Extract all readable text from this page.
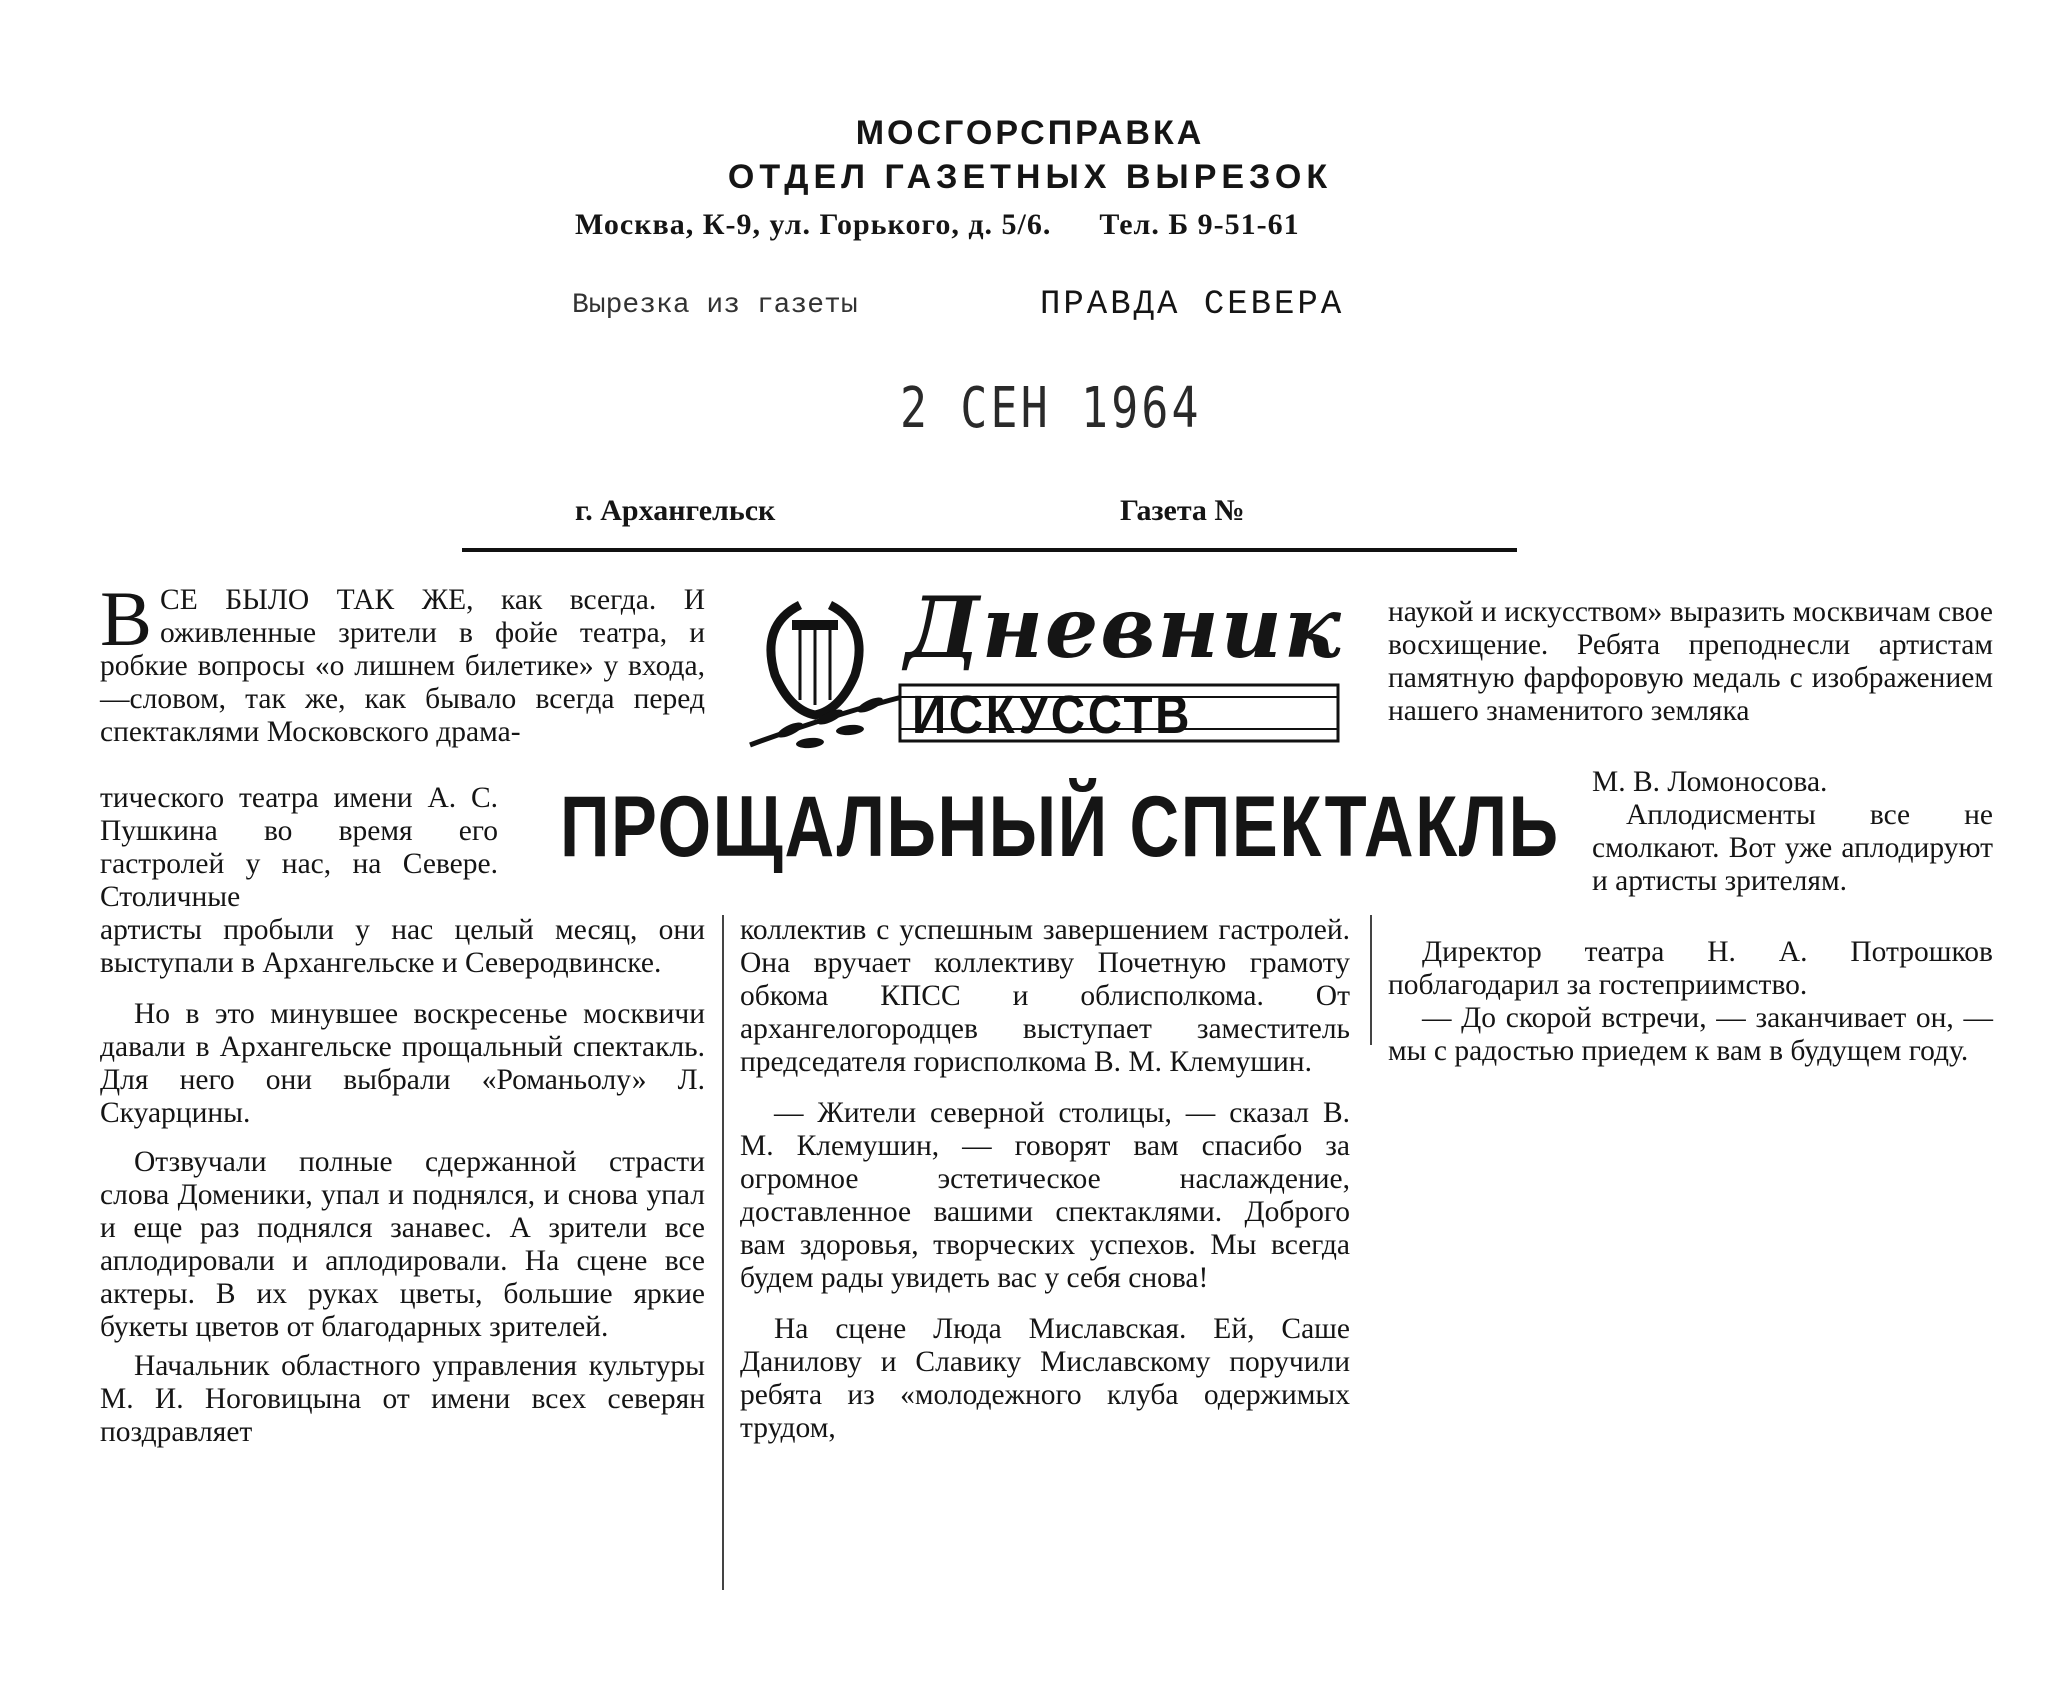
МОСГОРСПРАВКА
ОТДЕЛ ГАЗЕТНЫХ ВЫРЕЗОК
Москва, К-9, ул. Горького, д. 5/6. Тел. Б 9-51-61
Вырезка из газеты	ПРАВДА СЕВЕРА
2 СЕН 1964
г. Архангельск	Газета №
Дневник
ИСКУССТВ
ПРОЩАЛЬНЫЙ СПЕКТАКЛЬ
В СЕ БЫЛО ТАК ЖЕ, как всегда. И оживленные зрители в фойе театра, и робкие вопросы «о лишнем билетике» у входа,—словом, так же, как бывало всегда перед спектаклями Московского драма-
тического театра имени А. С. Пушкина во время его гастролей у нас, на Севере. Столичные

артисты пробыли у нас целый месяц, они выступали в Архангельске и Северодвинске.

Но в это минувшее воскресенье москвичи давали в Архангельске прощальный спектакль. Для него они выбрали «Романьолу» Л. Скуарцины.

Отзвучали полные сдержанной страсти слова Доменики, упал и поднялся, и снова упал и еще раз поднялся занавес. А зрители все аплодировали и аплодировали. На сцене все актеры. В их руках цветы, большие яркие букеты цветов от благодарных зрителей.

Начальник областного управления культуры М. И. Ноговицына от имени всех северян поздравляет

коллектив с успешным завершением гастролей. Она вручает коллективу Почетную грамоту обкома КПСС и облисполкома. От архангелогородцев выступает заместитель председателя горисполкома В. М. Клемушин.

— Жители северной столицы, — сказал В. М. Клемушин, — говорят вам спасибо за огромное эстетическое наслаждение, доставленное вашими спектаклями. Доброго вам здоровья, творческих успехов. Мы всегда будем рады увидеть вас у себя снова!

На сцене Люда Миславская. Ей, Саше Данилову и Славику Миславскому поручили ребята из «молодежного клуба одержимых трудом,

наукой и искусством» выразить москвичам свое восхищение. Ребята преподнесли артистам памятную фарфоровую медаль с изображением нашего знаменитого земляка

М. В. Ломоносова.

Аплодисменты все не смолкают. Вот уже аплодируют и артисты зрителям.

Директор театра Н. А. Потрошков поблагодарил за гостеприимство.

— До скорой встречи, — заканчивает он, — мы с радостью приедем к вам в будущем году.
